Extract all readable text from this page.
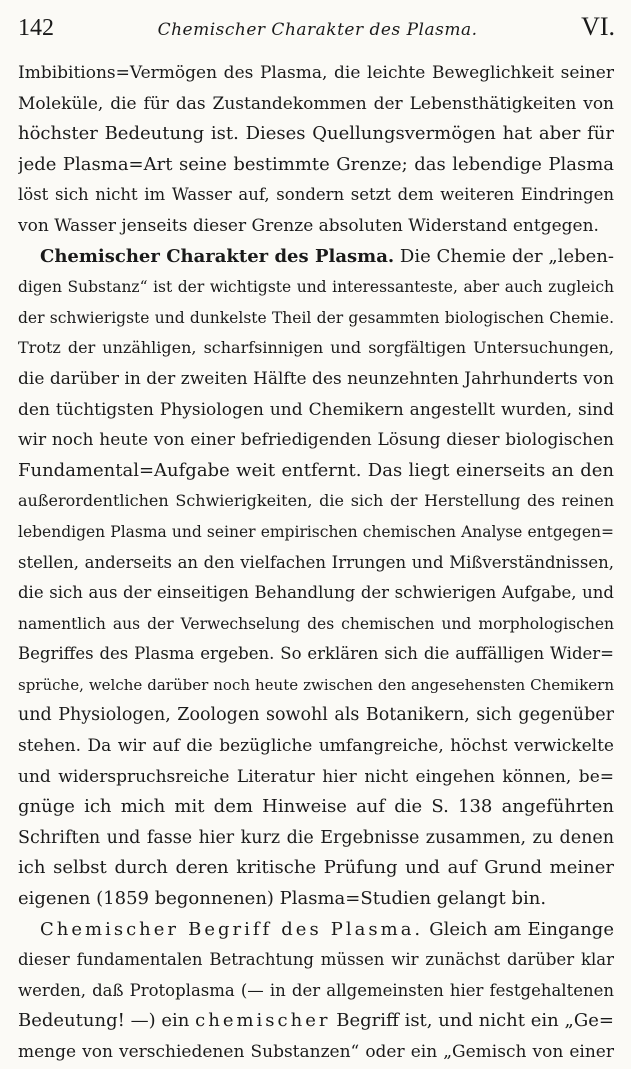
142	Chemischer Charakter des Plasma.	VI.
Imbibitions=Vermögen des Plasma, die leichte Beweglichkeit seiner
Moleküle, die für das Zustandekommen der Lebensthätigkeiten von
höchster Bedeutung ist. Dieses Quellungsvermögen hat aber für
jede Plasma=Art seine bestimmte Grenze; das lebendige Plasma
löst sich nicht im Wasser auf, sondern setzt dem weiteren Eindringen
von Wasser jenseits dieser Grenze absoluten Widerstand entgegen.
Chemischer Charakter des Plasma. Die Chemie der „leben-
digen Substanz“ ist der wichtigste und interessanteste, aber auch zugleich
der schwierigste und dunkelste Theil der gesammten biologischen Chemie.
Trotz der unzähligen, scharfsinnigen und sorgfältigen Untersuchungen,
die darüber in der zweiten Hälfte des neunzehnten Jahrhunderts von
den tüchtigsten Physiologen und Chemikern angestellt wurden, sind
wir noch heute von einer befriedigenden Lösung dieser biologischen
Fundamental=Aufgabe weit entfernt. Das liegt einerseits an den
außerordentlichen Schwierigkeiten, die sich der Herstellung des reinen
lebendigen Plasma und seiner empirischen chemischen Analyse entgegen=
stellen, anderseits an den vielfachen Irrungen und Mißverständnissen,
die sich aus der einseitigen Behandlung der schwierigen Aufgabe, und
namentlich aus der Verwechselung des chemischen und morphologischen
Begriffes des Plasma ergeben. So erklären sich die auffälligen Wider=
sprüche, welche darüber noch heute zwischen den angesehensten Chemikern
und Physiologen, Zoologen sowohl als Botanikern, sich gegenüber
stehen. Da wir auf die bezügliche umfangreiche, höchst verwickelte
und widerspruchsreiche Literatur hier nicht eingehen können, be=
gnüge ich mich mit dem Hinweise auf die S. 138 angeführten
Schriften und fasse hier kurz die Ergebnisse zusammen, zu denen
ich selbst durch deren kritische Prüfung und auf Grund meiner
eigenen (1859 begonnenen) Plasma=Studien gelangt bin.
Chemischer Begriff des Plasma. Gleich am Eingange
dieser fundamentalen Betrachtung müssen wir zunächst darüber klar
werden, daß Protoplasma (— in der allgemeinsten hier festgehaltenen
Bedeutung! —) ein chemischer Begriff ist, und nicht ein „Ge=
menge von verschiedenen Substanzen“ oder ein „Gemisch von einer
